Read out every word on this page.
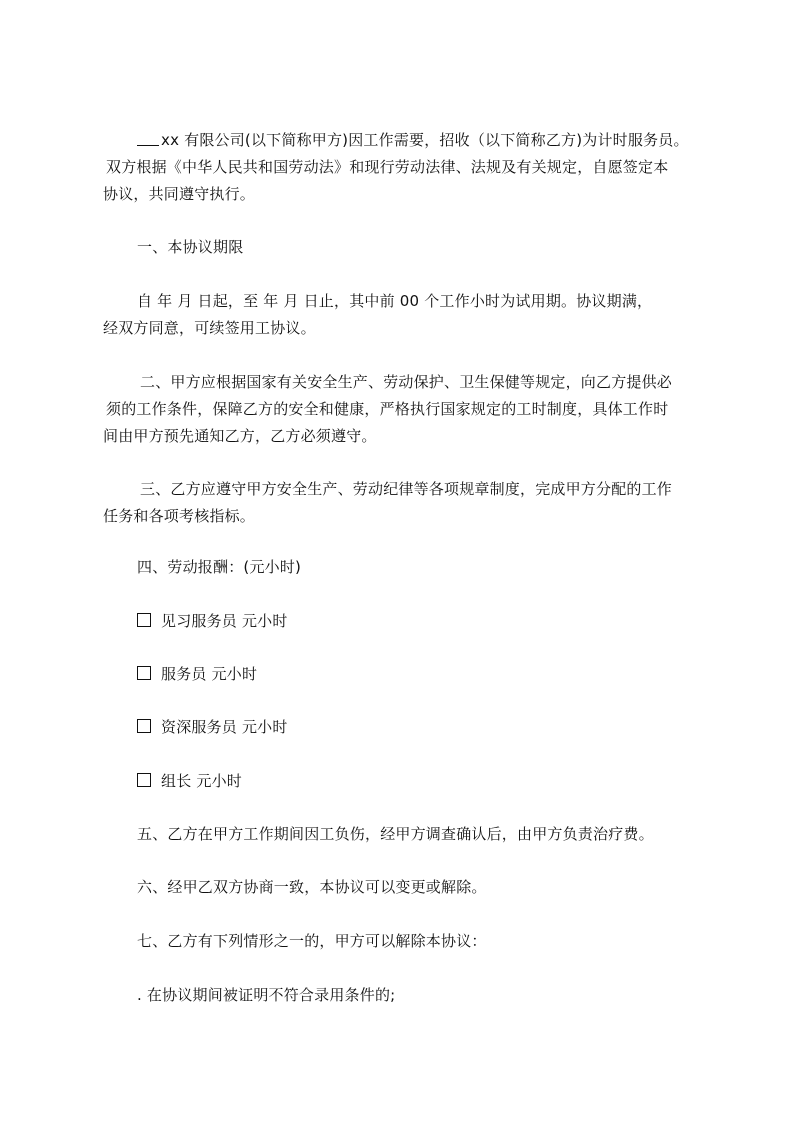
xx 有限公司(以下简称甲方)因工作需要，招收（以下简称乙方)为计时服务员。
双方根据《中华人民共和国劳动法》和现行劳动法律、法规及有关规定，自愿签定本
协议，共同遵守执行。
一、本协议期限
自 年 月 日起，至 年 月 日止，其中前 00 个工作小时为试用期。协议期满，
经双方同意，可续签用工协议。
二、甲方应根据国家有关安全生产、劳动保护、卫生保健等规定，向乙方提供必
须的工作条件，保障乙方的安全和健康，严格执行国家规定的工时制度，具体工作时
间由甲方预先通知乙方，乙方必须遵守。
三、乙方应遵守甲方安全生产、劳动纪律等各项规章制度，完成甲方分配的工作
任务和各项考核指标。
四、劳动报酬：(元小时)
见习服务员 元小时
服务员 元小时
资深服务员 元小时
组长 元小时
五、乙方在甲方工作期间因工负伤，经甲方调查确认后，由甲方负责治疗费。
六、经甲乙双方协商一致，本协议可以变更或解除。
七、乙方有下列情形之一的，甲方可以解除本协议：
. 在协议期间被证明不符合录用条件的;
